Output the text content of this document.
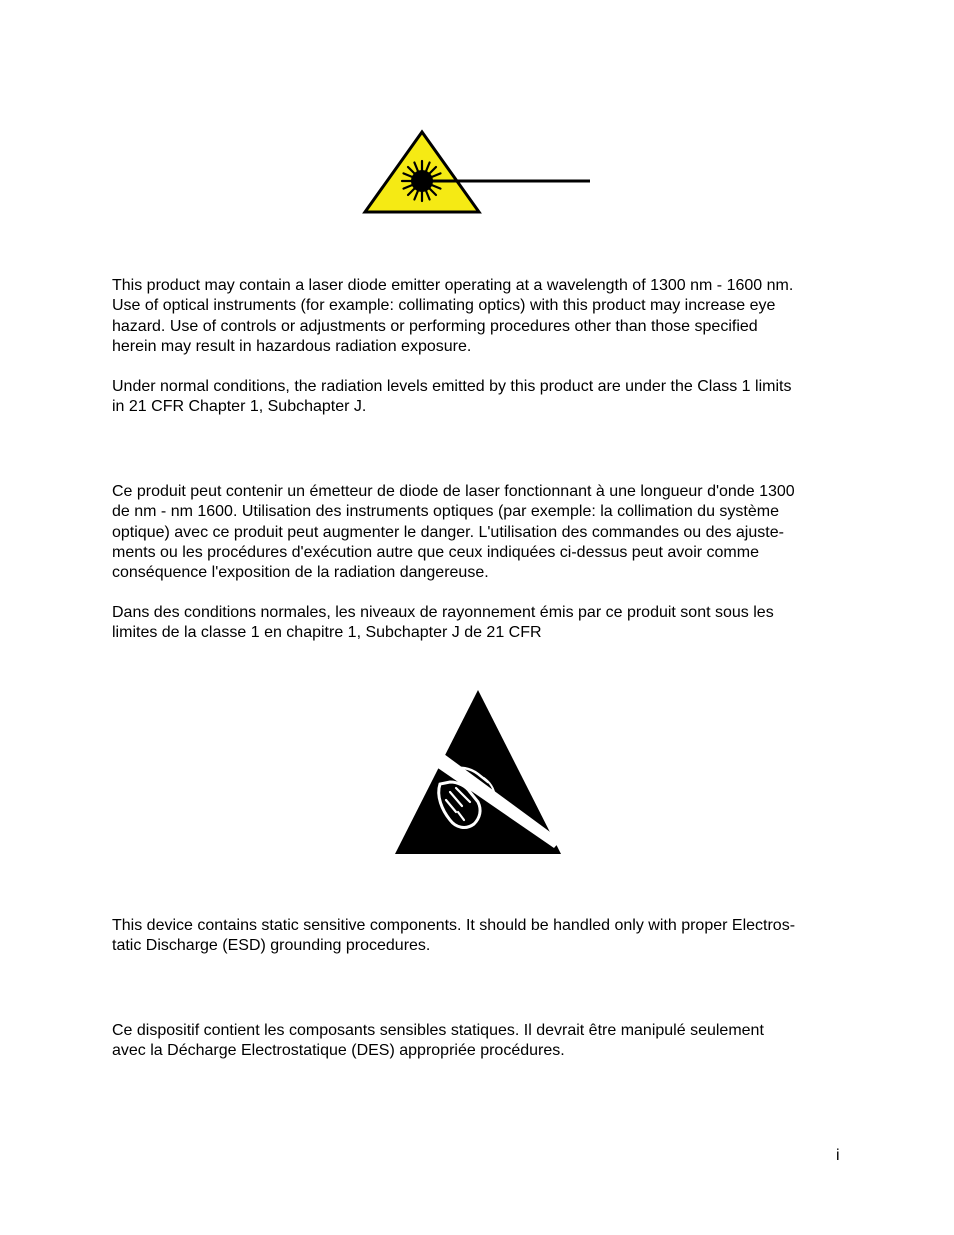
This product may contain a laser diode emitter operating at a wavelength of 1300 nm - 1600 nm.
Use of optical instruments (for example: collimating optics) with this product may increase eye
hazard. Use of controls or adjustments or performing procedures other than those specified
herein may result in hazardous radiation exposure.

Under normal conditions, the radiation levels emitted by this product are under the Class 1 limits
in 21 CFR Chapter 1, Subchapter J.

Ce produit peut contenir un émetteur de diode de laser fonctionnant à une longueur d'onde 1300
de nm - nm 1600. Utilisation des instruments optiques (par exemple: la collimation du système
optique) avec ce produit peut augmenter le danger. L'utilisation des commandes ou des ajuste-
ments ou les procédures d'exécution autre que ceux indiquées ci-dessus peut avoir comme
conséquence l'exposition de la radiation dangereuse.

Dans des conditions normales, les niveaux de rayonnement émis par ce produit sont sous les
limites de la classe 1 en chapitre 1, Subchapter J de 21 CFR

This device contains static sensitive components. It should be handled only with proper Electros-
tatic Discharge (ESD) grounding procedures.

Ce dispositif contient les composants sensibles statiques. Il devrait être manipulé seulement
avec la Décharge Electrostatique (DES) appropriée procédures.

i
